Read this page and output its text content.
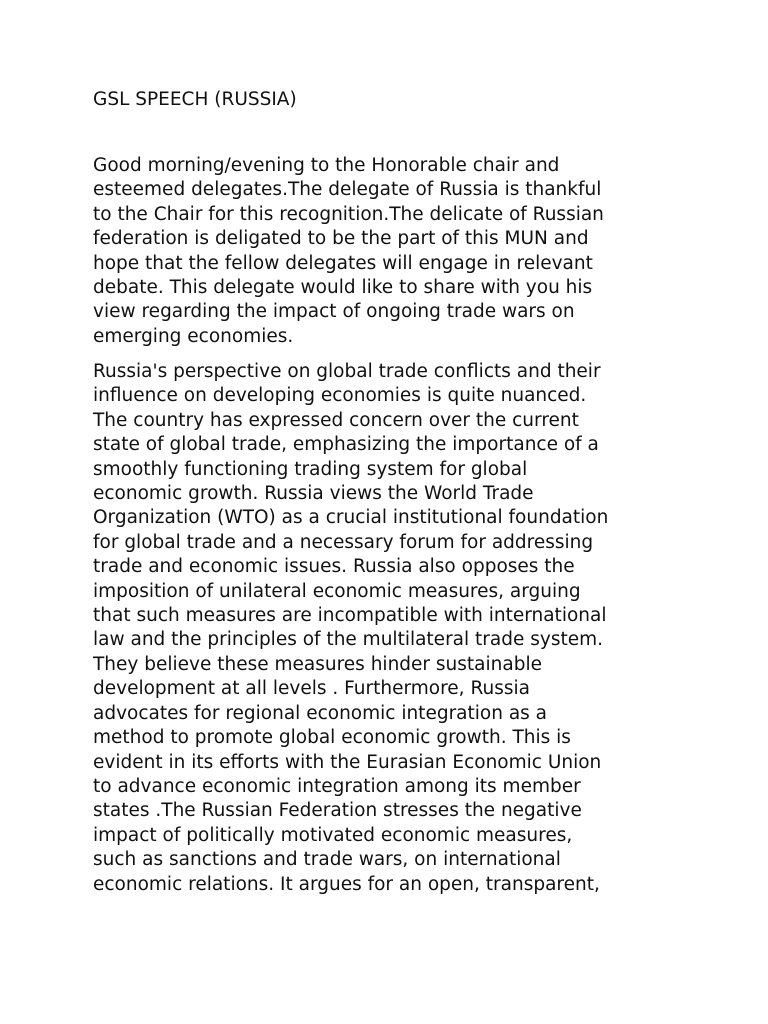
GSL SPEECH (RUSSIA)

Good morning/evening to the Honorable chair and
esteemed delegates.The delegate of Russia is thankful
to the Chair for this recognition.The delicate of Russian
federation is deligated to be the part of this MUN and
hope that the fellow delegates will engage in relevant
debate. This delegate would like to share with you his
view regarding the impact of ongoing trade wars on
emerging economies.

Russia's perspective on global trade conflicts and their
influence on developing economies is quite nuanced.
The country has expressed concern over the current
state of global trade, emphasizing the importance of a
smoothly functioning trading system for global
economic growth. Russia views the World Trade
Organization (WTO) as a crucial institutional foundation
for global trade and a necessary forum for addressing
trade and economic issues. Russia also opposes the
imposition of unilateral economic measures, arguing
that such measures are incompatible with international
law and the principles of the multilateral trade system.
They believe these measures hinder sustainable
development at all levels . Furthermore, Russia
advocates for regional economic integration as a
method to promote global economic growth. This is
evident in its efforts with the Eurasian Economic Union
to advance economic integration among its member
states .The Russian Federation stresses the negative
impact of politically motivated economic measures,
such as sanctions and trade wars, on international
economic relations. It argues for an open, transparent,
